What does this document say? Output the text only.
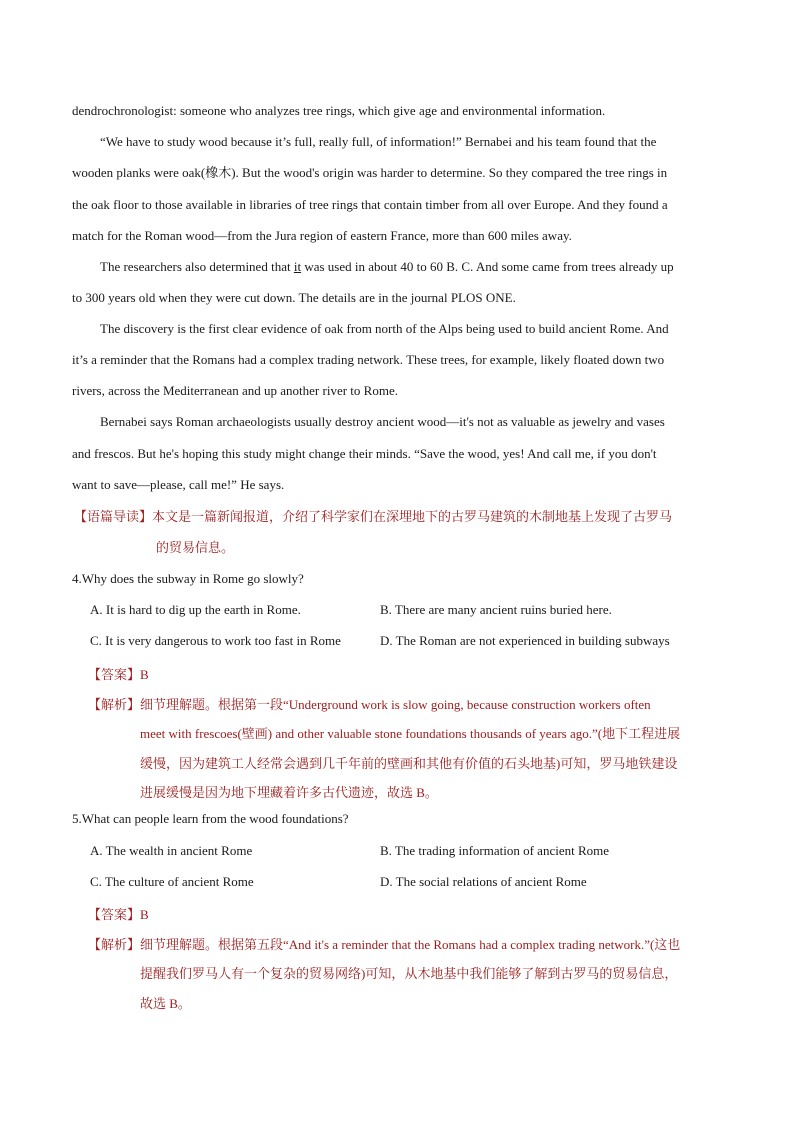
dendrochronologist: someone who analyzes tree rings, which give age and environmental information.
“We have to study wood because it’s full, really full, of information!” Bernabei and his team found that the
wooden planks were oak(橡木). But the wood's origin was harder to determine. So they compared the tree rings in
the oak floor to those available in libraries of tree rings that contain timber from all over Europe. And they found a
match for the Roman wood—from the Jura region of eastern France, more than 600 miles away.
The researchers also determined that it was used in about 40 to 60 B. C. And some came from trees already up
to 300 years old when they were cut down. The details are in the journal PLOS ONE.
The discovery is the first clear evidence of oak from north of the Alps being used to build ancient Rome. And
it’s a reminder that the Romans had a complex trading network. These trees, for example, likely floated down two
rivers, across the Mediterranean and up another river to Rome.
Bernabei says Roman archaeologists usually destroy ancient wood—it's not as valuable as jewelry and vases
and frescos. But he's hoping this study might change their minds. “Save the wood, yes! And call me, if you don't
want to save—please, call me!” He says.
【语篇导读】本文是一篇新闻报道，介绍了科学家们在深埋地下的古罗马建筑的木制地基上发现了古罗马
的贸易信息。
4.Why does the subway in Rome go slowly?
A. It is hard to dig up the earth in Rome.	B. There are many ancient ruins buried here.
C. It is very dangerous to work too fast in Rome	D. The Roman are not experienced in building subways
【答案】B
【解析】细节理解题。根据第一段“Underground work is slow going, because construction workers often
meet with frescoes(壁画) and other valuable stone foundations thousands of years ago.”(地下工程进展
缓慢，因为建筑工人经常会遇到几千年前的壁画和其他有价值的石头地基)可知，罗马地铁建设
进展缓慢是因为地下埋藏着许多古代遗迹，故选 B。
5.What can people learn from the wood foundations?
A. The wealth in ancient Rome	B. The trading information of ancient Rome
C. The culture of ancient Rome	D. The social relations of ancient Rome
【答案】B
【解析】细节理解题。根据第五段“And it's a reminder that the Romans had a complex trading network.”(这也
提醒我们罗马人有一个复杂的贸易网络)可知，从木地基中我们能够了解到古罗马的贸易信息，
故选 B。
